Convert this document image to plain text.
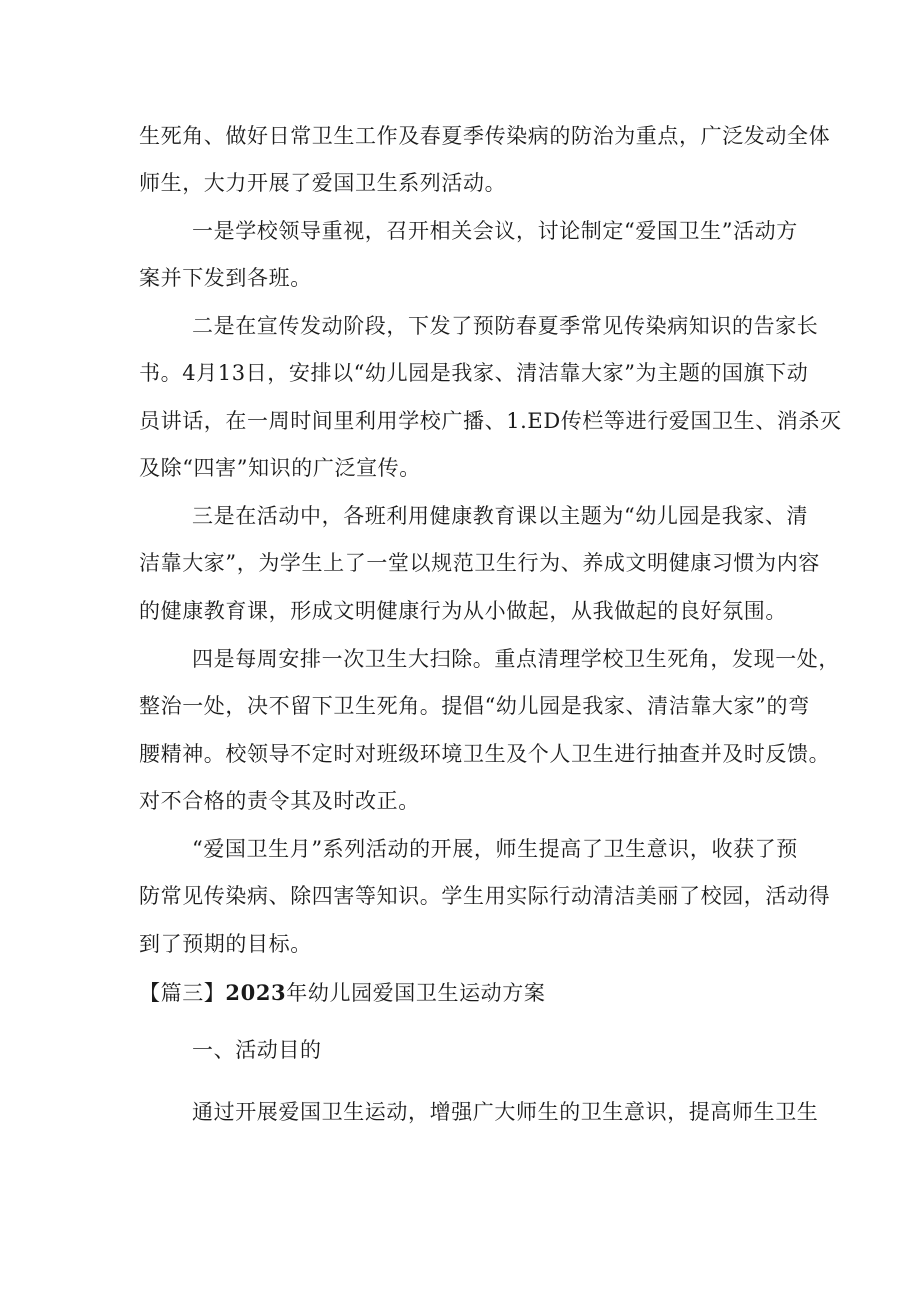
生死角、做好日常卫生工作及春夏季传染病的防治为重点，广泛发动全体
师生，大力开展了爱国卫生系列活动。
一是学校领导重视，召开相关会议，讨论制定“爱国卫生”活动方
案并下发到各班。
二是在宣传发动阶段，下发了预防春夏季常见传染病知识的告家长
书。4月13日，安排以“幼儿园是我家、清洁靠大家”为主题的国旗下动
员讲话，在一周时间里利用学校广播、1.ED传栏等进行爱国卫生、消杀灭
及除“四害”知识的广泛宣传。
三是在活动中，各班利用健康教育课以主题为“幼儿园是我家、清
洁靠大家”，为学生上了一堂以规范卫生行为、养成文明健康习惯为内容
的健康教育课，形成文明健康行为从小做起，从我做起的良好氛围。
四是每周安排一次卫生大扫除。重点清理学校卫生死角，发现一处，
整治一处，决不留下卫生死角。提倡“幼儿园是我家、清洁靠大家”的弯
腰精神。校领导不定时对班级环境卫生及个人卫生进行抽查并及时反馈。
对不合格的责令其及时改正。
“爱国卫生月”系列活动的开展，师生提高了卫生意识，收获了预
防常见传染病、除四害等知识。学生用实际行动清洁美丽了校园，活动得
到了预期的目标。
【篇三】2023年幼儿园爱国卫生运动方案
一、活动目的
通过开展爱国卫生运动，增强广大师生的卫生意识，提高师生卫生
